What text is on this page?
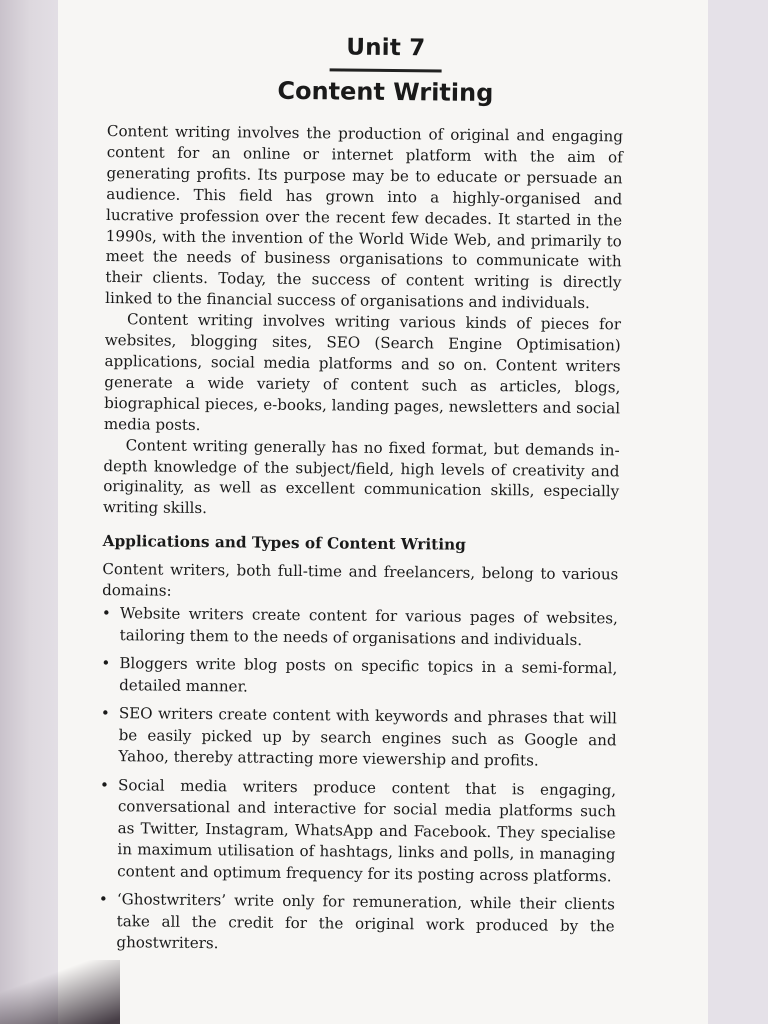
Unit 7
Content Writing

Content writing involves the production of original and engaging content for an online or internet platform with the aim of generating profits. Its purpose may be to educate or persuade an audience. This field has grown into a highly-organised and lucrative profession over the recent few decades. It started in the 1990s, with the invention of the World Wide Web, and primarily to meet the needs of business organisations to communicate with their clients. Today, the success of content writing is directly linked to the financial success of organisations and individuals.

Content writing involves writing various kinds of pieces for websites, blogging sites, SEO (Search Engine Optimisation) applications, social media platforms and so on. Content writers generate a wide variety of content such as articles, blogs, biographical pieces, e-books, landing pages, newsletters and social media posts.

Content writing generally has no fixed format, but demands in-depth knowledge of the subject/field, high levels of creativity and originality, as well as excellent communication skills, especially writing skills.

Applications and Types of Content Writing

Content writers, both full-time and freelancers, belong to various domains:

• Website writers create content for various pages of websites, tailoring them to the needs of organisations and individuals.
• Bloggers write blog posts on specific topics in a semi-formal, detailed manner.
• SEO writers create content with keywords and phrases that will be easily picked up by search engines such as Google and Yahoo, thereby attracting more viewership and profits.
• Social media writers produce content that is engaging, conversational and interactive for social media platforms such as Twitter, Instagram, WhatsApp and Facebook. They specialise in maximum utilisation of hashtags, links and polls, in managing content and optimum frequency for its posting across platforms.
• ‘Ghostwriters’ write only for remuneration, while their clients take all the credit for the original work produced by the ghostwriters.
